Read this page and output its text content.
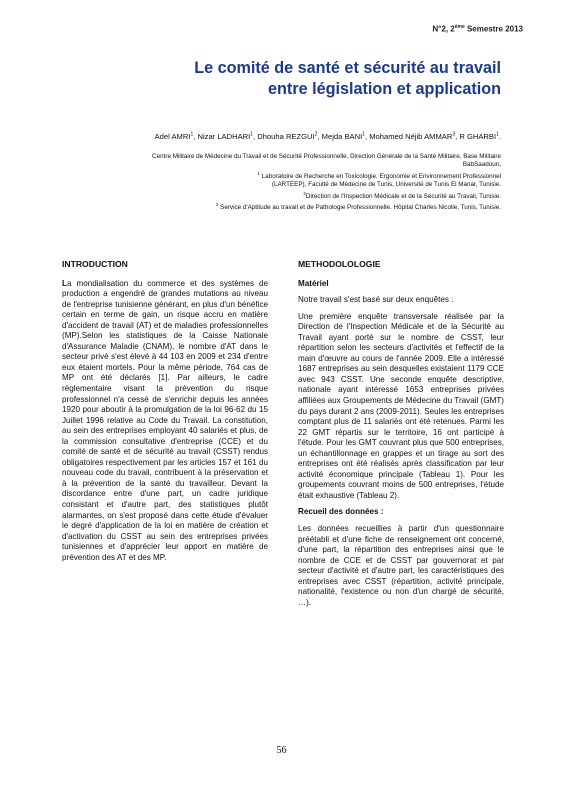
N°2, 2ème Semestre 2013
Le comité de santé et sécurité au travail
entre législation et application
Adel AMRI$^1$, Nizar LADHARI$^1$, Dhouha REZGUI$^2$, Mejda BANI$^1$, Mohamed Néjib AMMAR$^3$, R GHARBI$^1$.
Centre Militaire de Médecine du Travail et de Sécurité Professionnelle, Direction Générale de la Santé Militaire, Base Militaire
BabSaadoun,
$^1$ Laboratoire de Recherche en Toxicologie, Ergonomie et Environnement Professionnel
(LARTEEP), Faculté de Médecine de Tunis, Université de Tunis El Manar, Tunisie.
$^2$Direction de l'Inspection Médicale et de la Sécurité au Travail, Tunisie.
$^3$ Service d'Aptitude au travail et de Pathologie Professionnelle. Hôpital Charles Nicolle, Tunis, Tunisie.
INTRODUCTION

La mondialisation du commerce et des systèmes de production a engendré de grandes mutations au niveau de l'entreprise tunisienne générant, en plus d'un bénéfice certain en terme de gain, un risque accru en matière d'accident de travail (AT) et de maladies professionnelles (MP).Selon les statistiques de la Caisse Nationale d'Assurance Maladie (CNAM), le nombre d'AT dans le secteur privé s'est élevé à 44 103 en 2009 et 234 d'entre eux étaient mortels. Pour la même période, 764 cas de MP ont été déclarés [1]. Par ailleurs, le cadre règlementaire visant la prévention du risque professionnel n'a cessé de s'enrichir depuis les années 1920 pour aboutir à la promulgation de la loi 96-62 du 15 Juillet 1996 relative au Code du Travail. La constitution, au sein des entreprises employant 40 salariés et plus, de la commission consultative d'entreprise (CCE) et du comité de santé et de sécurité au travail (CSST) rendus obligatoires respectivement par les articles 157 et 161 du nouveau code du travail, contribuent à la préservation et à la prévention de la santé du travailleur. Devant la discordance entre d'une part, un cadre juridique consistant et d'autre part, des statistiques plutôt alarmantes, on s'est proposé dans cette étude d'évaluer le degré d'application de la loi en matière de création et d'activation du CSST au sein des entreprises privées tunisiennes et d'apprécier leur apport en matière de prévention des AT et des MP.

METHODOLOLOGIE
Matériel

Notre travail s'est basé sur deux enquêtes :

Une première enquête transversale réalisée par la Direction de l'Inspection Médicale et de la Sécurité au Travail ayant porté sur le nombre de CSST, leur répartition selon les secteurs d'activités et l'effectif de la main d'œuvre au cours de l'année 2009. Elle a intéressé 1687 entreprises au sein desquelles existaient 1179 CCE avec 943 CSST. Une seconde enquête descriptive, nationale ayant intéressé 1653 entreprises privées affiliées aux Groupements de Médecine du Travail (GMT) du pays durant 2 ans (2009-2011). Seules les entreprises comptant plus de 11 salariés ont été retenues. Parmi les 22 GMT répartis sur le territoire, 16 ont participé à l'étude. Pour les GMT couvrant plus que 500 entreprises, un échantillonnage en grappes et un tirage au sort des entreprises ont été réalisés après classification par leur activité économique principale (Tableau 1). Pour les groupements couvrant moins de 500 entreprises, l'étude était exhaustive (Tableau 2).

Recueil des données :

Les données recueillies à partir d'un questionnaire préétabli et d'une fiche de renseignement ont concerné, d'une part, la répartition des entreprises ainsi que le nombre de CCE et de CSST par gouvernorat et par secteur d'activité et d'autre part, les caractéristiques des entreprises avec CSST (répartition, activité principale, nationalité, l'existence ou non d'un chargé de sécurité, …).

56
